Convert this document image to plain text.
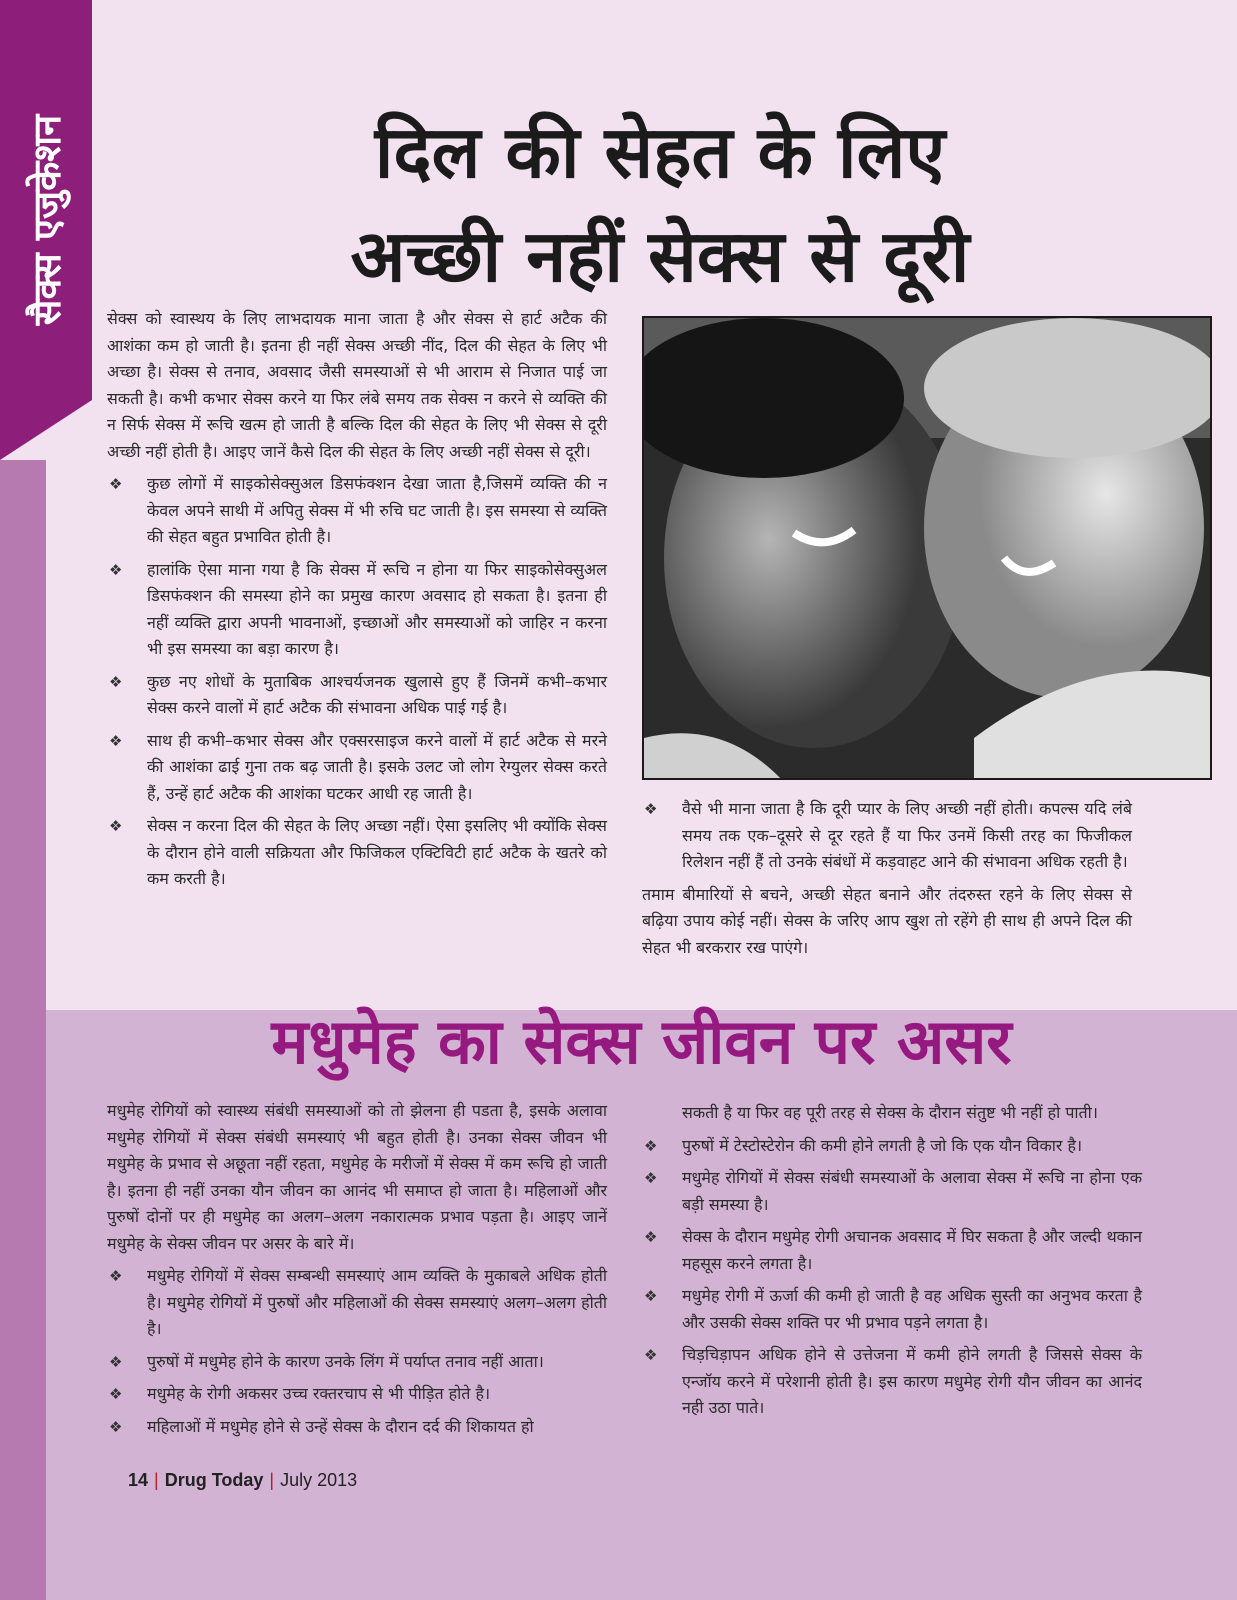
सैक्स एजुकेशन	दिल की सेहत के लिए
अच्छी नहीं सेक्स से दूरी

सेक्स को स्वास्थय के लिए लाभदायक माना जाता है और सेक्स से हार्ट अटैक की आशंका कम हो जाती है। इतना ही नहीं सेक्स अच्छी नींद, दिल की सेहत के लिए भी अच्छा है। सेक्स से तनाव, अवसाद जैसी समस्याओं से भी आराम से निजात पाई जा सकती है। कभी कभार सेक्स करने या फिर लंबे समय तक सेक्स न करने से व्यक्ति की न सिर्फ सेक्स में रूचि खत्म हो जाती है बल्कि दिल की सेहत के लिए भी सेक्स से दूरी अच्छी नहीं होती है। आइए जानें कैसे दिल की सेहत के लिए अच्छी नहीं सेक्स से दूरी।

❖ कुछ लोगों में साइकोसेक्सुअल डिसफंक्शन देखा जाता है,जिसमें व्यक्ति की न केवल अपने साथी में अपितु सेक्स में भी रुचि घट जाती है। इस समस्या से व्यक्ति की सेहत बहुत प्रभावित होती है।
❖ हालांकि ऐसा माना गया है कि सेक्स में रूचि न होना या फिर साइकोसेक्सुअल डिसफंक्शन की समस्या होने का प्रमुख कारण अवसाद हो सकता है। इतना ही नहीं व्यक्ति द्वारा अपनी भावनाओं, इच्छाओं और समस्याओं को जाहिर न करना भी इस समस्या का बड़ा कारण है।
❖ कुछ नए शोधों के मुताबिक आश्चर्यजनक खुलासे हुए हैं जिनमें कभी–कभार सेक्स करने वालों में हार्ट अटैक की संभावना अधिक पाई गई है।
❖ साथ ही कभी–कभार सेक्स और एक्सरसाइज करने वालों में हार्ट अटैक से मरने की आशंका ढाई गुना तक बढ़ जाती है। इसके उलट जो लोग रेग्युलर सेक्स करते हैं, उन्हें हार्ट अटैक की आशंका घटकर आधी रह जाती है।
❖ सेक्स न करना दिल की सेहत के लिए अच्छा नहीं। ऐसा इसलिए भी क्योंकि सेक्स के दौरान होने वाली सक्रियता और फिजिकल एक्टिविटी हार्ट अटैक के खतरे को कम करती है।
❖ वैसे भी माना जाता है कि दूरी प्यार के लिए अच्छी नहीं होती। कपल्स यदि लंबे समय तक एक–दूसरे से दूर रहते हैं या फिर उनमें किसी तरह का फिजीकल रिलेशन नहीं हैं तो उनके संबंधों में कड़वाहट आने की संभावना अधिक रहती है।

तमाम बीमारियों से बचने, अच्छी सेहत बनाने और तंदरुस्त रहने के लिए सेक्स से बढ़िया उपाय कोई नहीं। सेक्स के जरिए आप खुश तो रहेंगे ही साथ ही अपने दिल की सेहत भी बरकरार रख पाएंगे।

मधुमेह का सेक्स जीवन पर असर

मधुमेह रोगियों को स्वास्थ्य संबंधी समस्याओं को तो झेलना ही पडता है, इसके अलावा मधुमेह रोगियों में सेक्स संबंधी समस्याएं भी बहुत होती है। उनका सेक्स जीवन भी मधुमेह के प्रभाव से अछूता नहीं रहता, मधुमेह के मरीजों में सेक्स में कम रूचि हो जाती है। इतना ही नहीं उनका यौन जीवन का आनंद भी समाप्त हो जाता है। महिलाओं और पुरुषों दोनों पर ही मधुमेह का अलग–अलग नकारात्मक प्रभाव पड़ता है। आइए जानें मधुमेह के सेक्स जीवन पर असर के बारे में।

❖ मधुमेह रोगियों में सेक्स सम्बन्धी समस्याएं आम व्यक्ति के मुकाबले अधिक होती है। मधुमेह रोगियों में पुरुषों और महिलाओं की सेक्स समस्याएं अलग–अलग होती है।
❖ पुरुषों में मधुमेह होने के कारण उनके लिंग में पर्याप्त तनाव नहीं आता।
❖ मधुमेह के रोगी अकसर उच्च रक्तरचाप से भी पीड़ित होते है।
❖ महिलाओं में मधुमेह होने से उन्हें सेक्स के दौरान दर्द की शिकायत हो

सकती है या फिर वह पूरी तरह से सेक्स के दौरान संतुष्ट भी नहीं हो पाती।

❖ पुरुषों में टेस्टोस्टेरोन की कमी होने लगती है जो कि एक यौन विकार है।
❖ मधुमेह रोगियों में सेक्स संबंधी समस्याओं के अलावा सेक्स में रूचि ना होना एक बड़ी समस्या है।
❖ सेक्स के दौरान मधुमेह रोगी अचानक अवसाद में घिर सकता है और जल्दी थकान महसूस करने लगता है।
❖ मधुमेह रोगी में ऊर्जा की कमी हो जाती है वह अधिक सुस्ती का अनुभव करता है और उसकी सेक्स शक्ति पर भी प्रभाव पड़ने लगता है।
❖ चिड़चिड़ापन अधिक होने से उत्तेजना में कमी होने लगती है जिससे सेक्स के एन्जॉय करने में परेशानी होती है। इस कारण मधुमेह रोगी यौन जीवन का आनंद नही उठा पाते।
14 | Drug Today | July 2013
